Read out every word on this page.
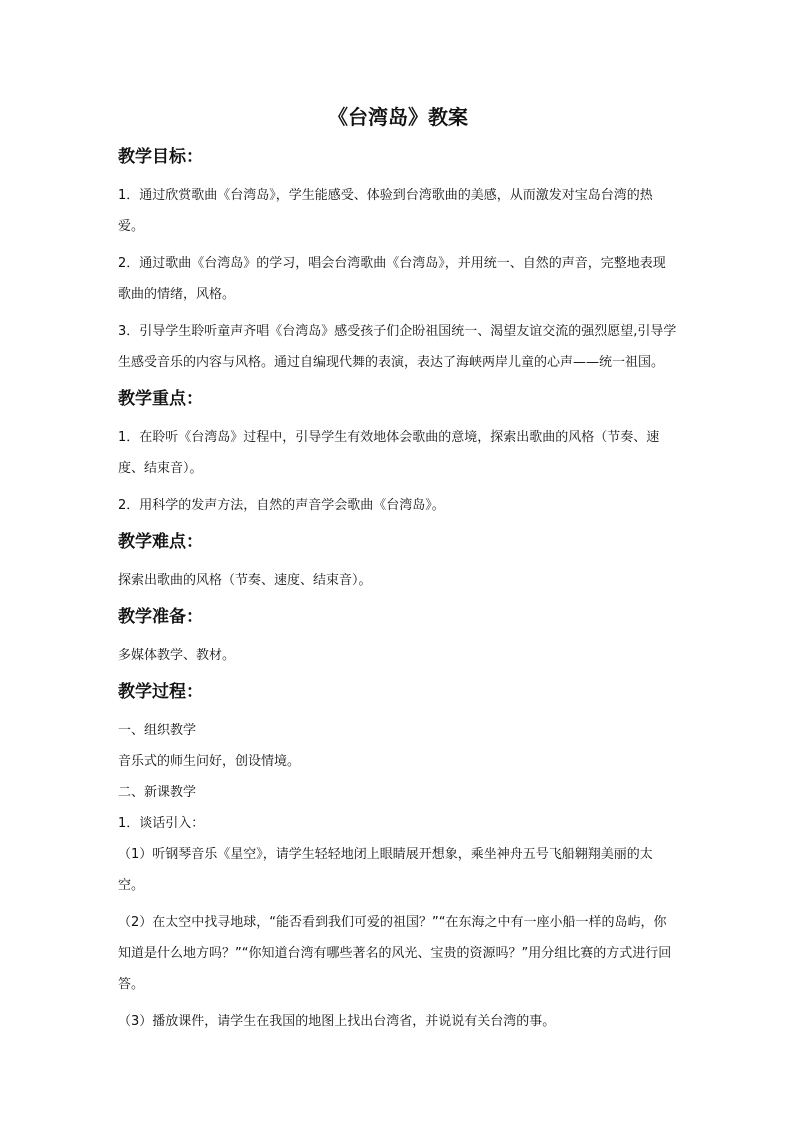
《台湾岛》教案
教学目标：

1．通过欣赏歌曲《台湾岛》，学生能感受、体验到台湾歌曲的美感，从而激发对宝岛台湾的热爱。

2．通过歌曲《台湾岛》的学习，唱会台湾歌曲《台湾岛》，并用统一、自然的声音，完整地表现歌曲的情绪，风格。

3．引导学生聆听童声齐唱《台湾岛》感受孩子们企盼祖国统一、渴望友谊交流的强烈愿望,引导学生感受音乐的内容与风格。通过自编现代舞的表演，表达了海峡两岸儿童的心声——统一祖国。

教学重点：

1．在聆听《台湾岛》过程中，引导学生有效地体会歌曲的意境，探索出歌曲的风格（节奏、速度、结束音）。

2．用科学的发声方法，自然的声音学会歌曲《台湾岛》。

教学难点：

探索出歌曲的风格（节奏、速度、结束音）。

教学准备：

多媒体教学、教材。

教学过程：

一、组织教学

音乐式的师生问好，创设情境。

二、新课教学

1．谈话引入：

（1）听钢琴音乐《星空》，请学生轻轻地闭上眼睛展开想象，乘坐神舟五号飞船翱翔美丽的太空。

（2）在太空中找寻地球，“能否看到我们可爱的祖国？”“在东海之中有一座小船一样的岛屿，你知道是什么地方吗？”“你知道台湾有哪些著名的风光、宝贵的资源吗？”用分组比赛的方式进行回答。

（3）播放课件，请学生在我国的地图上找出台湾省，并说说有关台湾的事。
